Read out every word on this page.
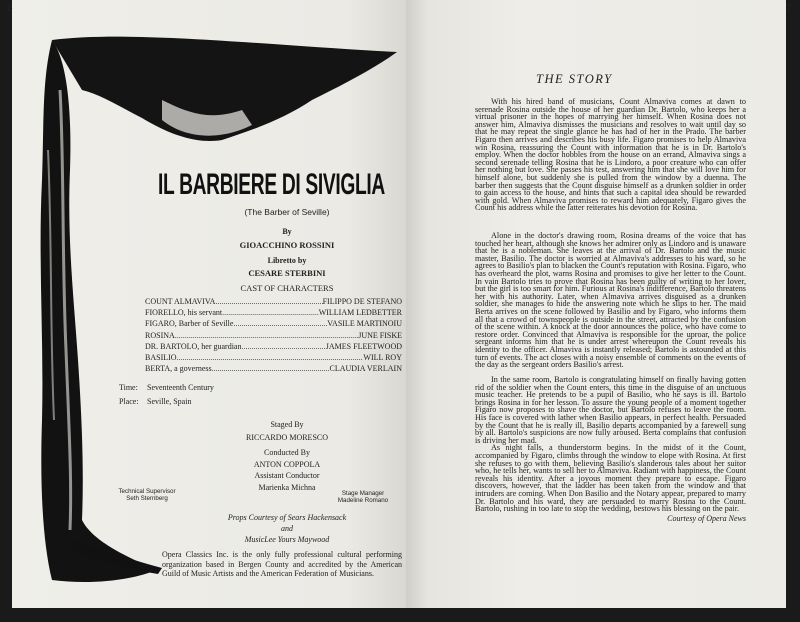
6
IL BARBIERE DI SIVIGLIA
(The Barber of Seville)
By
GIOACCHINO ROSSINI
Libretto by
CESARE STERBINI
CAST OF CHARACTERS
COUNT ALMAVIVA .....	FILIPPO DE STEFANO
FIORELLO, his servant .....	WILLIAM LEDBETTER
FIGARO, Barber of Seville .....	VASILE MARTINOIU
ROSINA .....	JUNE FISKE
DR. BARTOLO, her guardian .....	JAMES FLEETWOOD
BASILIO .....	WILL ROY
BERTA, a governess .....	CLAUDIA VERLAIN
Time: Seventeenth Century
Place: Seville, Spain
Staged By
RICCARDO MORESCO
Conducted By
ANTON COPPOLA
Assistant Conductor
Marienka Michna
Technical Supervisor
Seth Sternberg
Stage Manager
Madeline Romano
Props Courtesy of Sears Hackensack
and
MusicLee Yours Maywood
Opera Classics Inc. is the only fully professional cultural performing organization based in Bergen County and accredited by the American Guild of Music Artists and the American Federation of Musicians.
7
THE STORY

With his hired band of musicians, Count Almaviva comes at dawn to serenade Rosina outside the house of her guardian Dr. Bartolo, who keeps her a virtual prisoner in the hopes of marrying her himself. When Rosina does not answer him, Almaviva dismisses the musicians and resolves to wait until day so that he may repeat the single glance he has had of her in the Prado. The barber Figaro then arrives and describes his busy life. Figaro promises to help Almaviva win Rosina, reassuring the Count with information that he is in Dr. Bartolo's employ. When the doctor hobbles from the house on an errand, Almaviva sings a second serenade telling Rosina that he is Lindoro, a poor creature who can offer her nothing but love. She passes his test, answering him that she will love him for himself alone, but suddenly she is pulled from the window by a duenna. The barber then suggests that the Count disguise himself as a drunken soldier in order to gain access to the house, and hints that such a capital idea should be rewarded with gold. When Almaviva promises to reward him adequately, Figaro gives the Count his address while the latter reiterates his devotion for Rosina.

Alone in the doctor's drawing room, Rosina dreams of the voice that has touched her heart, although she knows her admirer only as Lindoro and is unaware that he is a nobleman. She leaves at the arrival of Dr. Bartolo and the music master, Basilio. The doctor is worried at Almaviva's addresses to his ward, so he agrees to Basilio's plan to blacken the Count's reputation with Rosina. Figaro, who has overheard the plot, warns Rosina and promises to give her letter to the Count. In vain Bartolo tries to prove that Rosina has been guilty of writing to her lover, but the girl is too smart for him. Furious at Rosina's indifference, Bartolo threatens her with his authority. Later, when Almaviva arrives disguised as a drunken soldier, she manages to hide the answering note which he slips to her. The maid Berta arrives on the scene followed by Basilio and by Figaro, who informs them all that a crowd of townspeople is outside in the street, attracted by the confusion of the scene within. A knock at the door announces the police, who have come to restore order. Convinced that Almaviva is responsible for the uproar, the police sergeant informs him that he is under arrest whereupon the Count reveals his identity to the officer. Almaviva is instantly released; Bartolo is astounded at this turn of events. The act closes with a noisy ensemble of comments on the events of the day as the sergeant orders Basilio's arrest.

In the same room, Bartolo is congratulating himself on finally having gotten rid of the soldier when the Count enters, this time in the disguise of an unctuous music teacher. He pretends to be a pupil of Basilio, who he says is ill. Bartolo brings Rosina in for her lesson. To assure the young people of a moment together Figaro now proposes to shave the doctor, but Bartolo refuses to leave the room. His face is covered with lather when Basilio appears, in perfect health. Persuaded by the Count that he is really ill, Basilio departs accompanied by a farewell sung by all. Bartolo's suspicions are now fully aroused. Berta complains that confusion is driving her mad.

As night falls, a thunderstorm begins. In the midst of it the Count, accompanied by Figaro, climbs through the window to elope with Rosina. At first she refuses to go with them, believing Basilio's slanderous tales about her suitor who, he tells her, wants to sell her to Almaviva. Radiant with happiness, the Count reveals his identity. After a joyous moment they prepare to escape. Figaro discovers, however, that the ladder has been taken from the window and that intruders are coming. When Don Basilio and the Notary appear, prepared to marry Dr. Bartolo and his ward, they are persuaded to marry Rosina to the Count. Bartolo, rushing in too late to stop the wedding, bestows his blessing on the pair.

Courtesy of Opera News
